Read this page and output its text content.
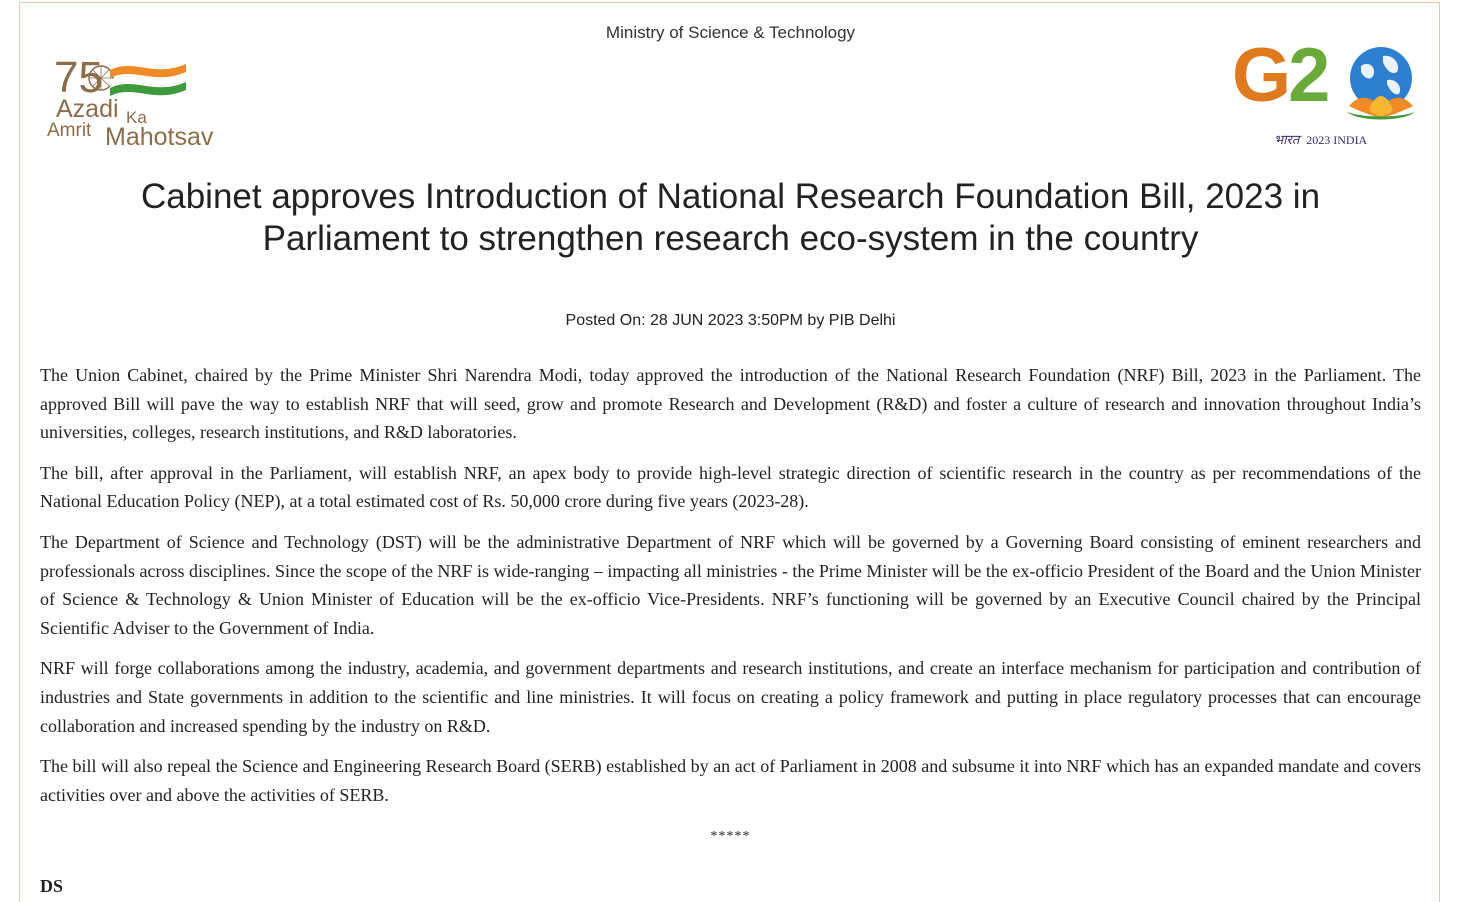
Ministry of Science & Technology
75
Azadi Ka
Amrit Mahotsav
G2
भारत 2023 INDIA
Cabinet approves Introduction of National Research Foundation Bill, 2023 in Parliament to strengthen research eco-system in the country
Posted On: 28 JUN 2023 3:50PM by PIB Delhi

The Union Cabinet, chaired by the Prime Minister Shri Narendra Modi, today approved the introduction of the National Research Foundation (NRF) Bill, 2023 in the Parliament. The approved Bill will pave the way to establish NRF that will seed, grow and promote Research and Development (R&D) and foster a culture of research and innovation throughout India’s universities, colleges, research institutions, and R&D laboratories.

The bill, after approval in the Parliament, will establish NRF, an apex body to provide high-level strategic direction of scientific research in the country as per recommendations of the National Education Policy (NEP), at a total estimated cost of Rs. 50,000 crore during five years (2023-28).

The Department of Science and Technology (DST) will be the administrative Department of NRF which will be governed by a Governing Board consisting of eminent researchers and professionals across disciplines. Since the scope of the NRF is wide-ranging – impacting all ministries - the Prime Minister will be the ex-officio President of the Board and the Union Minister of Science & Technology & Union Minister of Education will be the ex-officio Vice-Presidents. NRF’s functioning will be governed by an Executive Council chaired by the Principal Scientific Adviser to the Government of India.

NRF will forge collaborations among the industry, academia, and government departments and research institutions, and create an interface mechanism for participation and contribution of industries and State governments in addition to the scientific and line ministries. It will focus on creating a policy framework and putting in place regulatory processes that can encourage collaboration and increased spending by the industry on R&D.

The bill will also repeal the Science and Engineering Research Board (SERB) established by an act of Parliament in 2008 and subsume it into NRF which has an expanded mandate and covers activities over and above the activities of SERB.

*****
DS
